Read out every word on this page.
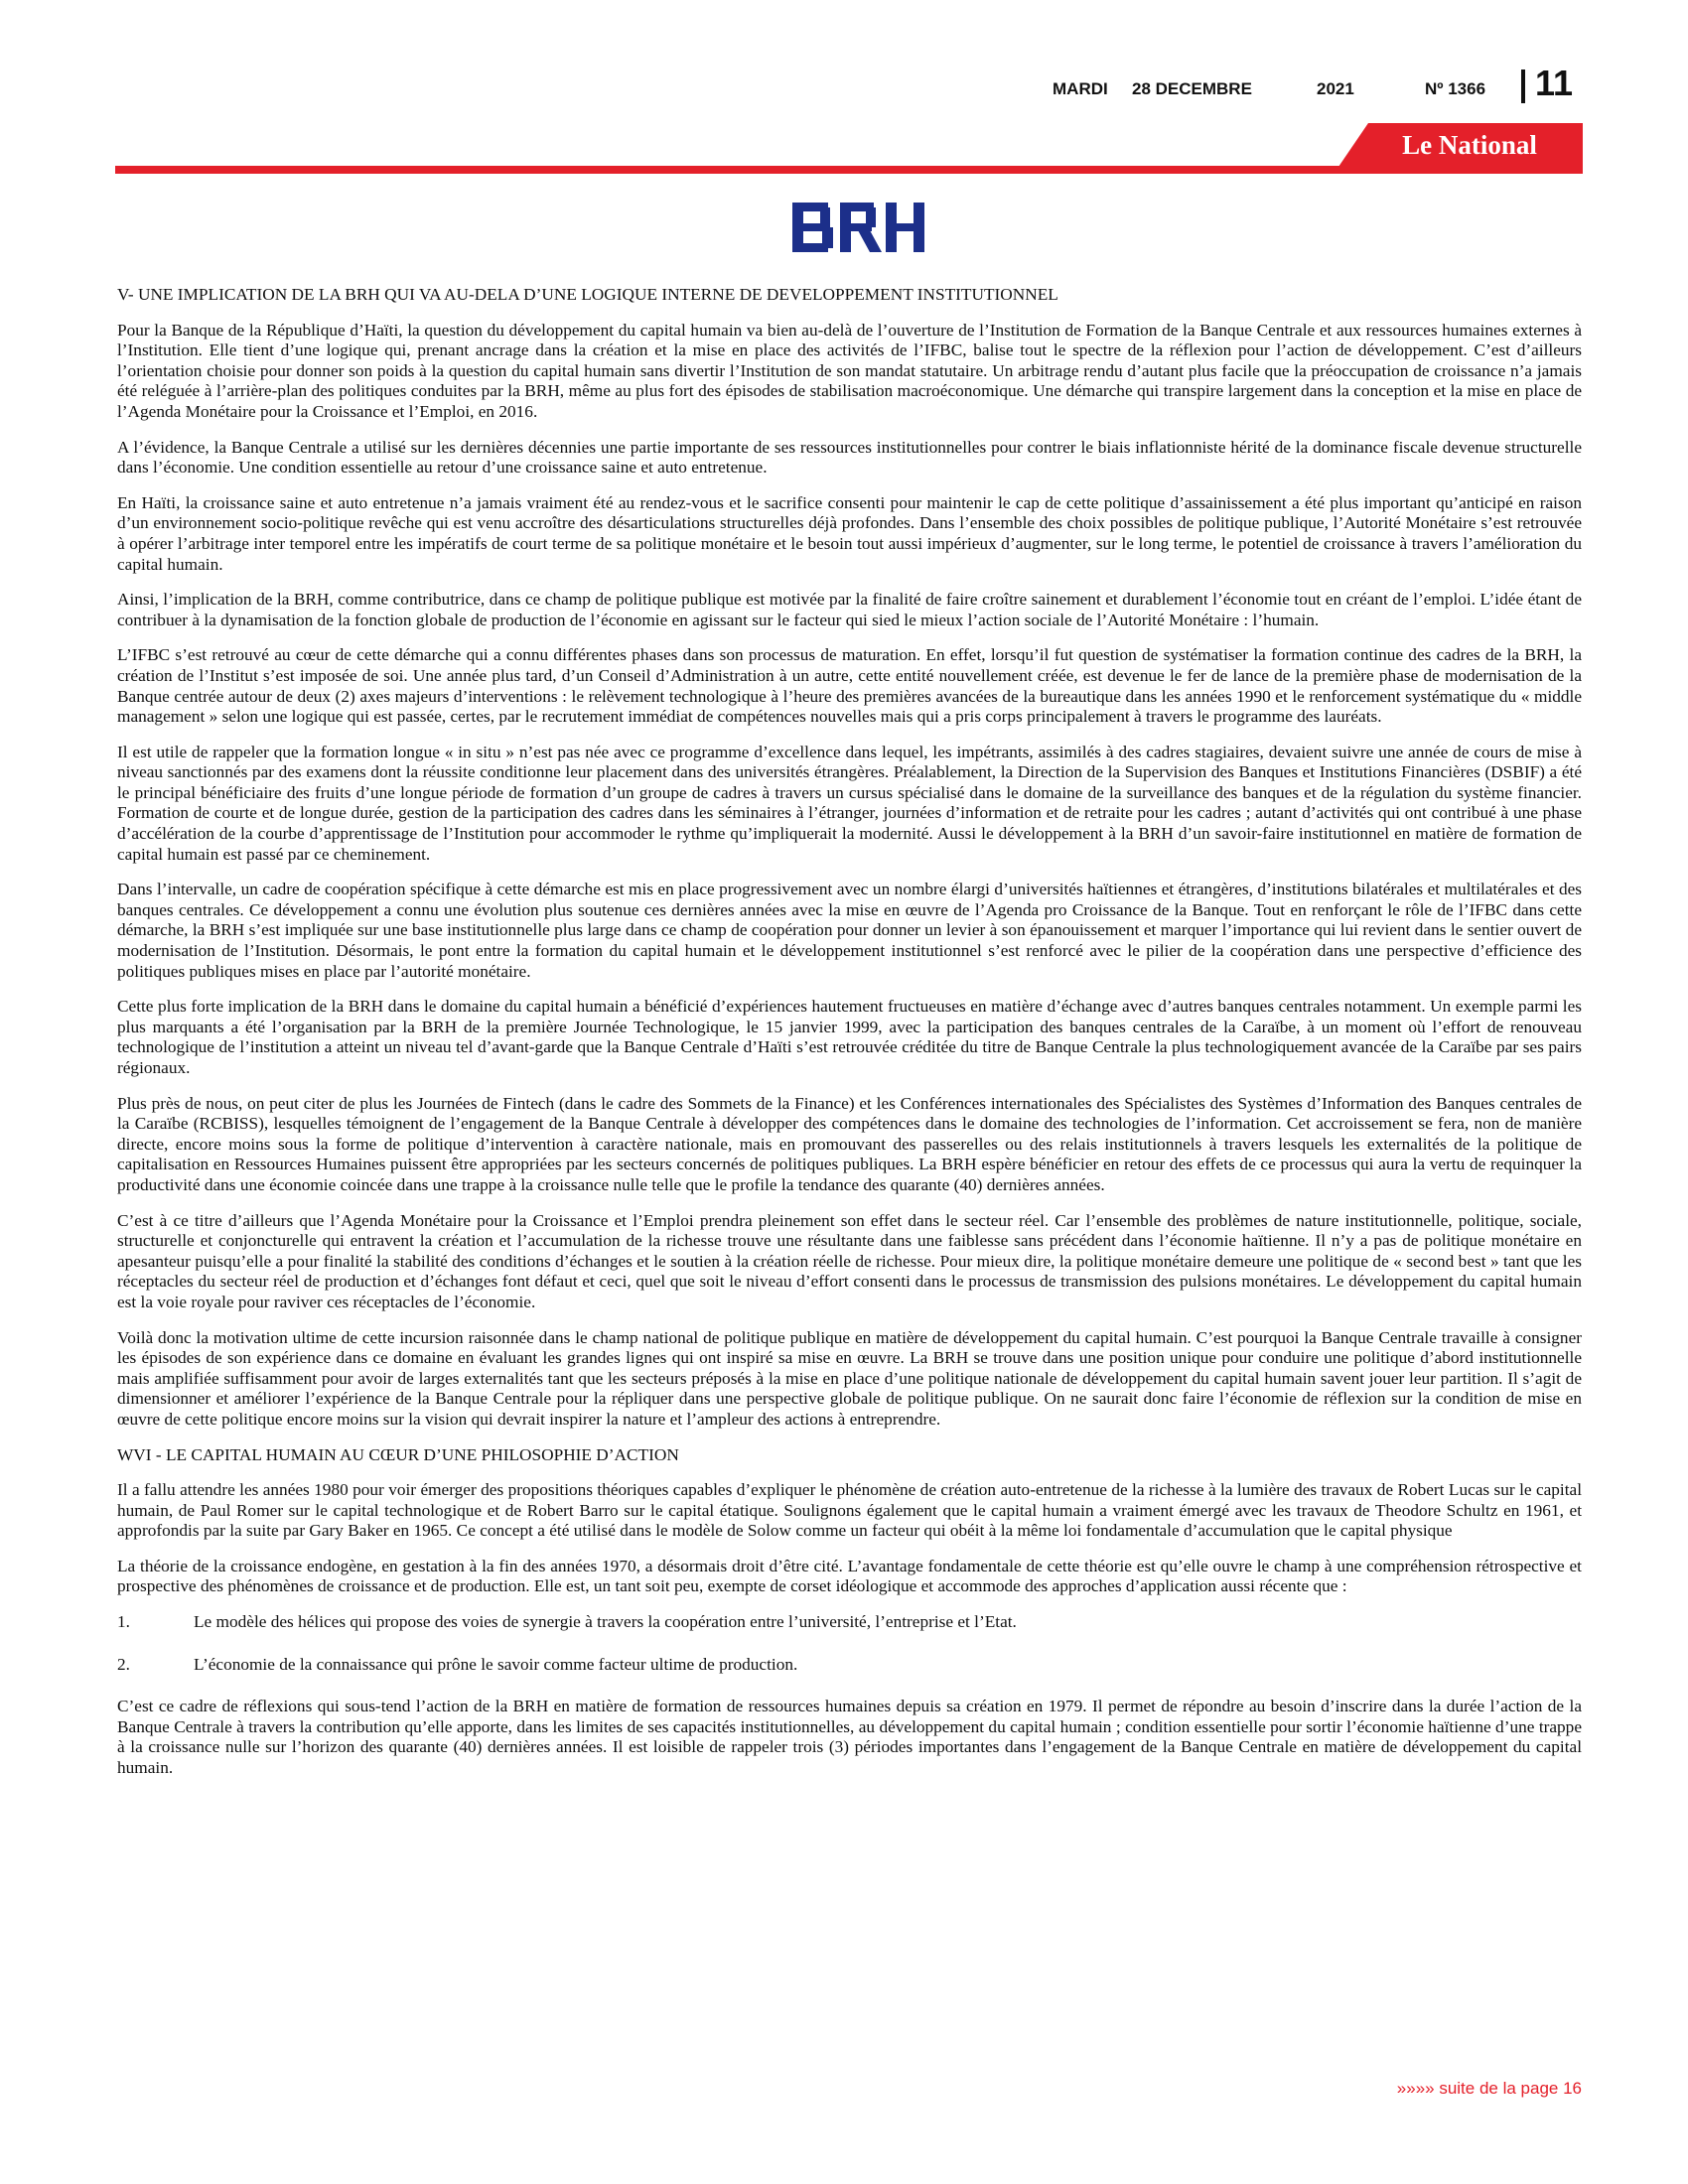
MARDI 28 DECEMBRE	2021	Nº 1366 11
Le National

V- UNE IMPLICATION DE LA BRH QUI VA AU-DELA D’UNE LOGIQUE INTERNE DE DEVELOPPEMENT INSTITUTIONNEL

Pour la Banque de la République d’Haïti, la question du développement du capital humain va bien au-delà de l’ouverture de l’Institution de Formation de la Banque Centrale et aux ressources humaines externes à l’Institution. Elle tient d’une logique qui, prenant ancrage dans la création et la mise en place des activités de l’IFBC, balise tout le spectre de la réflexion pour l’action de développement. C’est d’ailleurs l’orientation choisie pour donner son poids à la question du capital humain sans divertir l’Institution de son mandat statutaire. Un arbitrage rendu d’autant plus facile que la préoccupation de croissance n’a jamais été reléguée à l’arrière-plan des politiques conduites par la BRH, même au plus fort des épisodes de stabilisation macroéconomique. Une démarche qui transpire largement dans la conception et la mise en place de l’Agenda Monétaire pour la Croissance et l’Emploi, en 2016.

A l’évidence, la Banque Centrale a utilisé sur les dernières décennies une partie importante de ses ressources institutionnelles pour contrer le biais inflationniste hérité de la dominance fiscale devenue structurelle dans l’économie. Une condition essentielle au retour d’une croissance saine et auto entretenue.

En Haïti, la croissance saine et auto entretenue n’a jamais vraiment été au rendez-vous et le sacrifice consenti pour maintenir le cap de cette politique d’assainissement a été plus important qu’anticipé en raison d’un environnement socio-politique revêche qui est venu accroître des désarticulations structurelles déjà profondes. Dans l’ensemble des choix possibles de politique publique, l’Autorité Monétaire s’est retrouvée à opérer l’arbitrage inter temporel entre les impératifs de court terme de sa politique monétaire et le besoin tout aussi impérieux d’augmenter, sur le long terme, le potentiel de croissance à travers l’amélioration du capital humain.

Ainsi, l’implication de la BRH, comme contributrice, dans ce champ de politique publique est motivée par la finalité de faire croître sainement et durablement l’économie tout en créant de l’emploi. L’idée étant de contribuer à la dynamisation de la fonction globale de production de l’économie en agissant sur le facteur qui sied le mieux l’action sociale de l’Autorité Monétaire : l’humain.

L’IFBC s’est retrouvé au cœur de cette démarche qui a connu différentes phases dans son processus de maturation. En effet, lorsqu’il fut question de systématiser la formation continue des cadres de la BRH, la création de l’Institut s’est imposée de soi. Une année plus tard, d’un Conseil d’Administration à un autre, cette entité nouvellement créée, est devenue le fer de lance de la première phase de modernisation de la Banque centrée autour de deux (2) axes majeurs d’interventions : le relèvement technologique à l’heure des premières avancées de la bureautique dans les années 1990 et le renforcement systématique du « middle management » selon une logique qui est passée, certes, par le recrutement immédiat de compétences nouvelles mais qui a pris corps principalement à travers le programme des lauréats.

Il est utile de rappeler que la formation longue « in situ » n’est pas née avec ce programme d’excellence dans lequel, les impétrants, assimilés à des cadres stagiaires, devaient suivre une année de cours de mise à niveau sanctionnés par des examens dont la réussite conditionne leur placement dans des universités étrangères. Préalablement, la Direction de la Supervision des Banques et Institutions Financières (DSBIF) a été le principal bénéficiaire des fruits d’une longue période de formation d’un groupe de cadres à travers un cursus spécialisé dans le domaine de la surveillance des banques et de la régulation du système financier. Formation de courte et de longue durée, gestion de la participation des cadres dans les séminaires à l’étranger, journées d’information et de retraite pour les cadres ; autant d’activités qui ont contribué à une phase d’accélération de la courbe d’apprentissage de l’Institution pour accommoder le rythme qu’impliquerait la modernité. Aussi le développement à la BRH d’un savoir-faire institutionnel en matière de formation de capital humain est passé par ce cheminement.

Dans l’intervalle, un cadre de coopération spécifique à cette démarche est mis en place progressivement avec un nombre élargi d’universités haïtiennes et étrangères, d’institutions bilatérales et multilatérales et des banques centrales. Ce développement a connu une évolution plus soutenue ces dernières années avec la mise en œuvre de l’Agenda pro Croissance de la Banque. Tout en renforçant le rôle de l’IFBC dans cette démarche, la BRH s’est impliquée sur une base institutionnelle plus large dans ce champ de coopération pour donner un levier à son épanouissement et marquer l’importance qui lui revient dans le sentier ouvert de modernisation de l’Institution. Désormais, le pont entre la formation du capital humain et le développement institutionnel s’est renforcé avec le pilier de la coopération dans une perspective d’efficience des politiques publiques mises en place par l’autorité monétaire.

Cette plus forte implication de la BRH dans le domaine du capital humain a bénéficié d’expériences hautement fructueuses en matière d’échange avec d’autres banques centrales notamment. Un exemple parmi les plus marquants a été l’organisation par la BRH de la première Journée Technologique, le 15 janvier 1999, avec la participation des banques centrales de la Caraïbe, à un moment où l’effort de renouveau technologique de l’institution a atteint un niveau tel d’avant-garde que la Banque Centrale d’Haïti s’est retrouvée créditée du titre de Banque Centrale la plus technologiquement avancée de la Caraïbe par ses pairs régionaux.

Plus près de nous, on peut citer de plus les Journées de Fintech (dans le cadre des Sommets de la Finance) et les Conférences internationales des Spécialistes des Systèmes d’Information des Banques centrales de la Caraïbe (RCBISS), lesquelles témoignent de l’engagement de la Banque Centrale à développer des compétences dans le domaine des technologies de l’information. Cet accroissement se fera, non de manière directe, encore moins sous la forme de politique d’intervention à caractère nationale, mais en promouvant des passerelles ou des relais institutionnels à travers lesquels les externalités de la politique de capitalisation en Ressources Humaines puissent être appropriées par les secteurs concernés de politiques publiques. La BRH espère bénéficier en retour des effets de ce processus qui aura la vertu de requinquer la productivité dans une économie coincée dans une trappe à la croissance nulle telle que le profile la tendance des quarante (40) dernières années.

C’est à ce titre d’ailleurs que l’Agenda Monétaire pour la Croissance et l’Emploi prendra pleinement son effet dans le secteur réel. Car l’ensemble des problèmes de nature institutionnelle, politique, sociale, structurelle et conjoncturelle qui entravent la création et l’accumulation de la richesse trouve une résultante dans une faiblesse sans précédent dans l’économie haïtienne. Il n’y a pas de politique monétaire en apesanteur puisqu’elle a pour finalité la stabilité des conditions d’échanges et le soutien à la création réelle de richesse. Pour mieux dire, la politique monétaire demeure une politique de « second best » tant que les réceptacles du secteur réel de production et d’échanges font défaut et ceci, quel que soit le niveau d’effort consenti dans le processus de transmission des pulsions monétaires. Le développement du capital humain est la voie royale pour raviver ces réceptacles de l’économie.

Voilà donc la motivation ultime de cette incursion raisonnée dans le champ national de politique publique en matière de développement du capital humain. C’est pourquoi la Banque Centrale travaille à consigner les épisodes de son expérience dans ce domaine en évaluant les grandes lignes qui ont inspiré sa mise en œuvre. La BRH se trouve dans une position unique pour conduire une politique d’abord institutionnelle mais amplifiée suffisamment pour avoir de larges externalités tant que les secteurs préposés à la mise en place d’une politique nationale de développement du capital humain savent jouer leur partition. Il s’agit de dimensionner et améliorer l’expérience de la Banque Centrale pour la répliquer dans une perspective globale de politique publique. On ne saurait donc faire l’économie de réflexion sur la condition de mise en œuvre de cette politique encore moins sur la vision qui devrait inspirer la nature et l’ampleur des actions à entreprendre.

WVI - LE CAPITAL HUMAIN AU CŒUR D’UNE PHILOSOPHIE D’ACTION

Il a fallu attendre les années 1980 pour voir émerger des propositions théoriques capables d’expliquer le phénomène de création auto-entretenue de la richesse à la lumière des travaux de Robert Lucas sur le capital humain, de Paul Romer sur le capital technologique et de Robert Barro sur le capital étatique. Soulignons également que le capital humain a vraiment émergé avec les travaux de Theodore Schultz en 1961, et approfondis par la suite par Gary Baker en 1965. Ce concept a été utilisé dans le modèle de Solow comme un facteur qui obéit à la même loi fondamentale d’accumulation que le capital physique

La théorie de la croissance endogène, en gestation à la fin des années 1970, a désormais droit d’être cité. L’avantage fondamentale de cette théorie est qu’elle ouvre le champ à une compréhension rétrospective et prospective des phénomènes de croissance et de production. Elle est, un tant soit peu, exempte de corset idéologique et accommode des approches d’application aussi récente que :

1.	Le modèle des hélices qui propose des voies de synergie à travers la coopération entre l’université, l’entreprise et l’Etat.
2.	L’économie de la connaissance qui prône le savoir comme facteur ultime de production.

C’est ce cadre de réflexions qui sous-tend l’action de la BRH en matière de formation de ressources humaines depuis sa création en 1979. Il permet de répondre au besoin d’inscrire dans la durée l’action de la Banque Centrale à travers la contribution qu’elle apporte, dans les limites de ses capacités institutionnelles, au développement du capital humain ; condition essentielle pour sortir l’économie haïtienne d’une trappe à la croissance nulle sur l’horizon des quarante (40) dernières années. Il est loisible de rappeler trois (3) périodes importantes dans l’engagement de la Banque Centrale en matière de développement du capital humain.

»»»» suite de la page 16
